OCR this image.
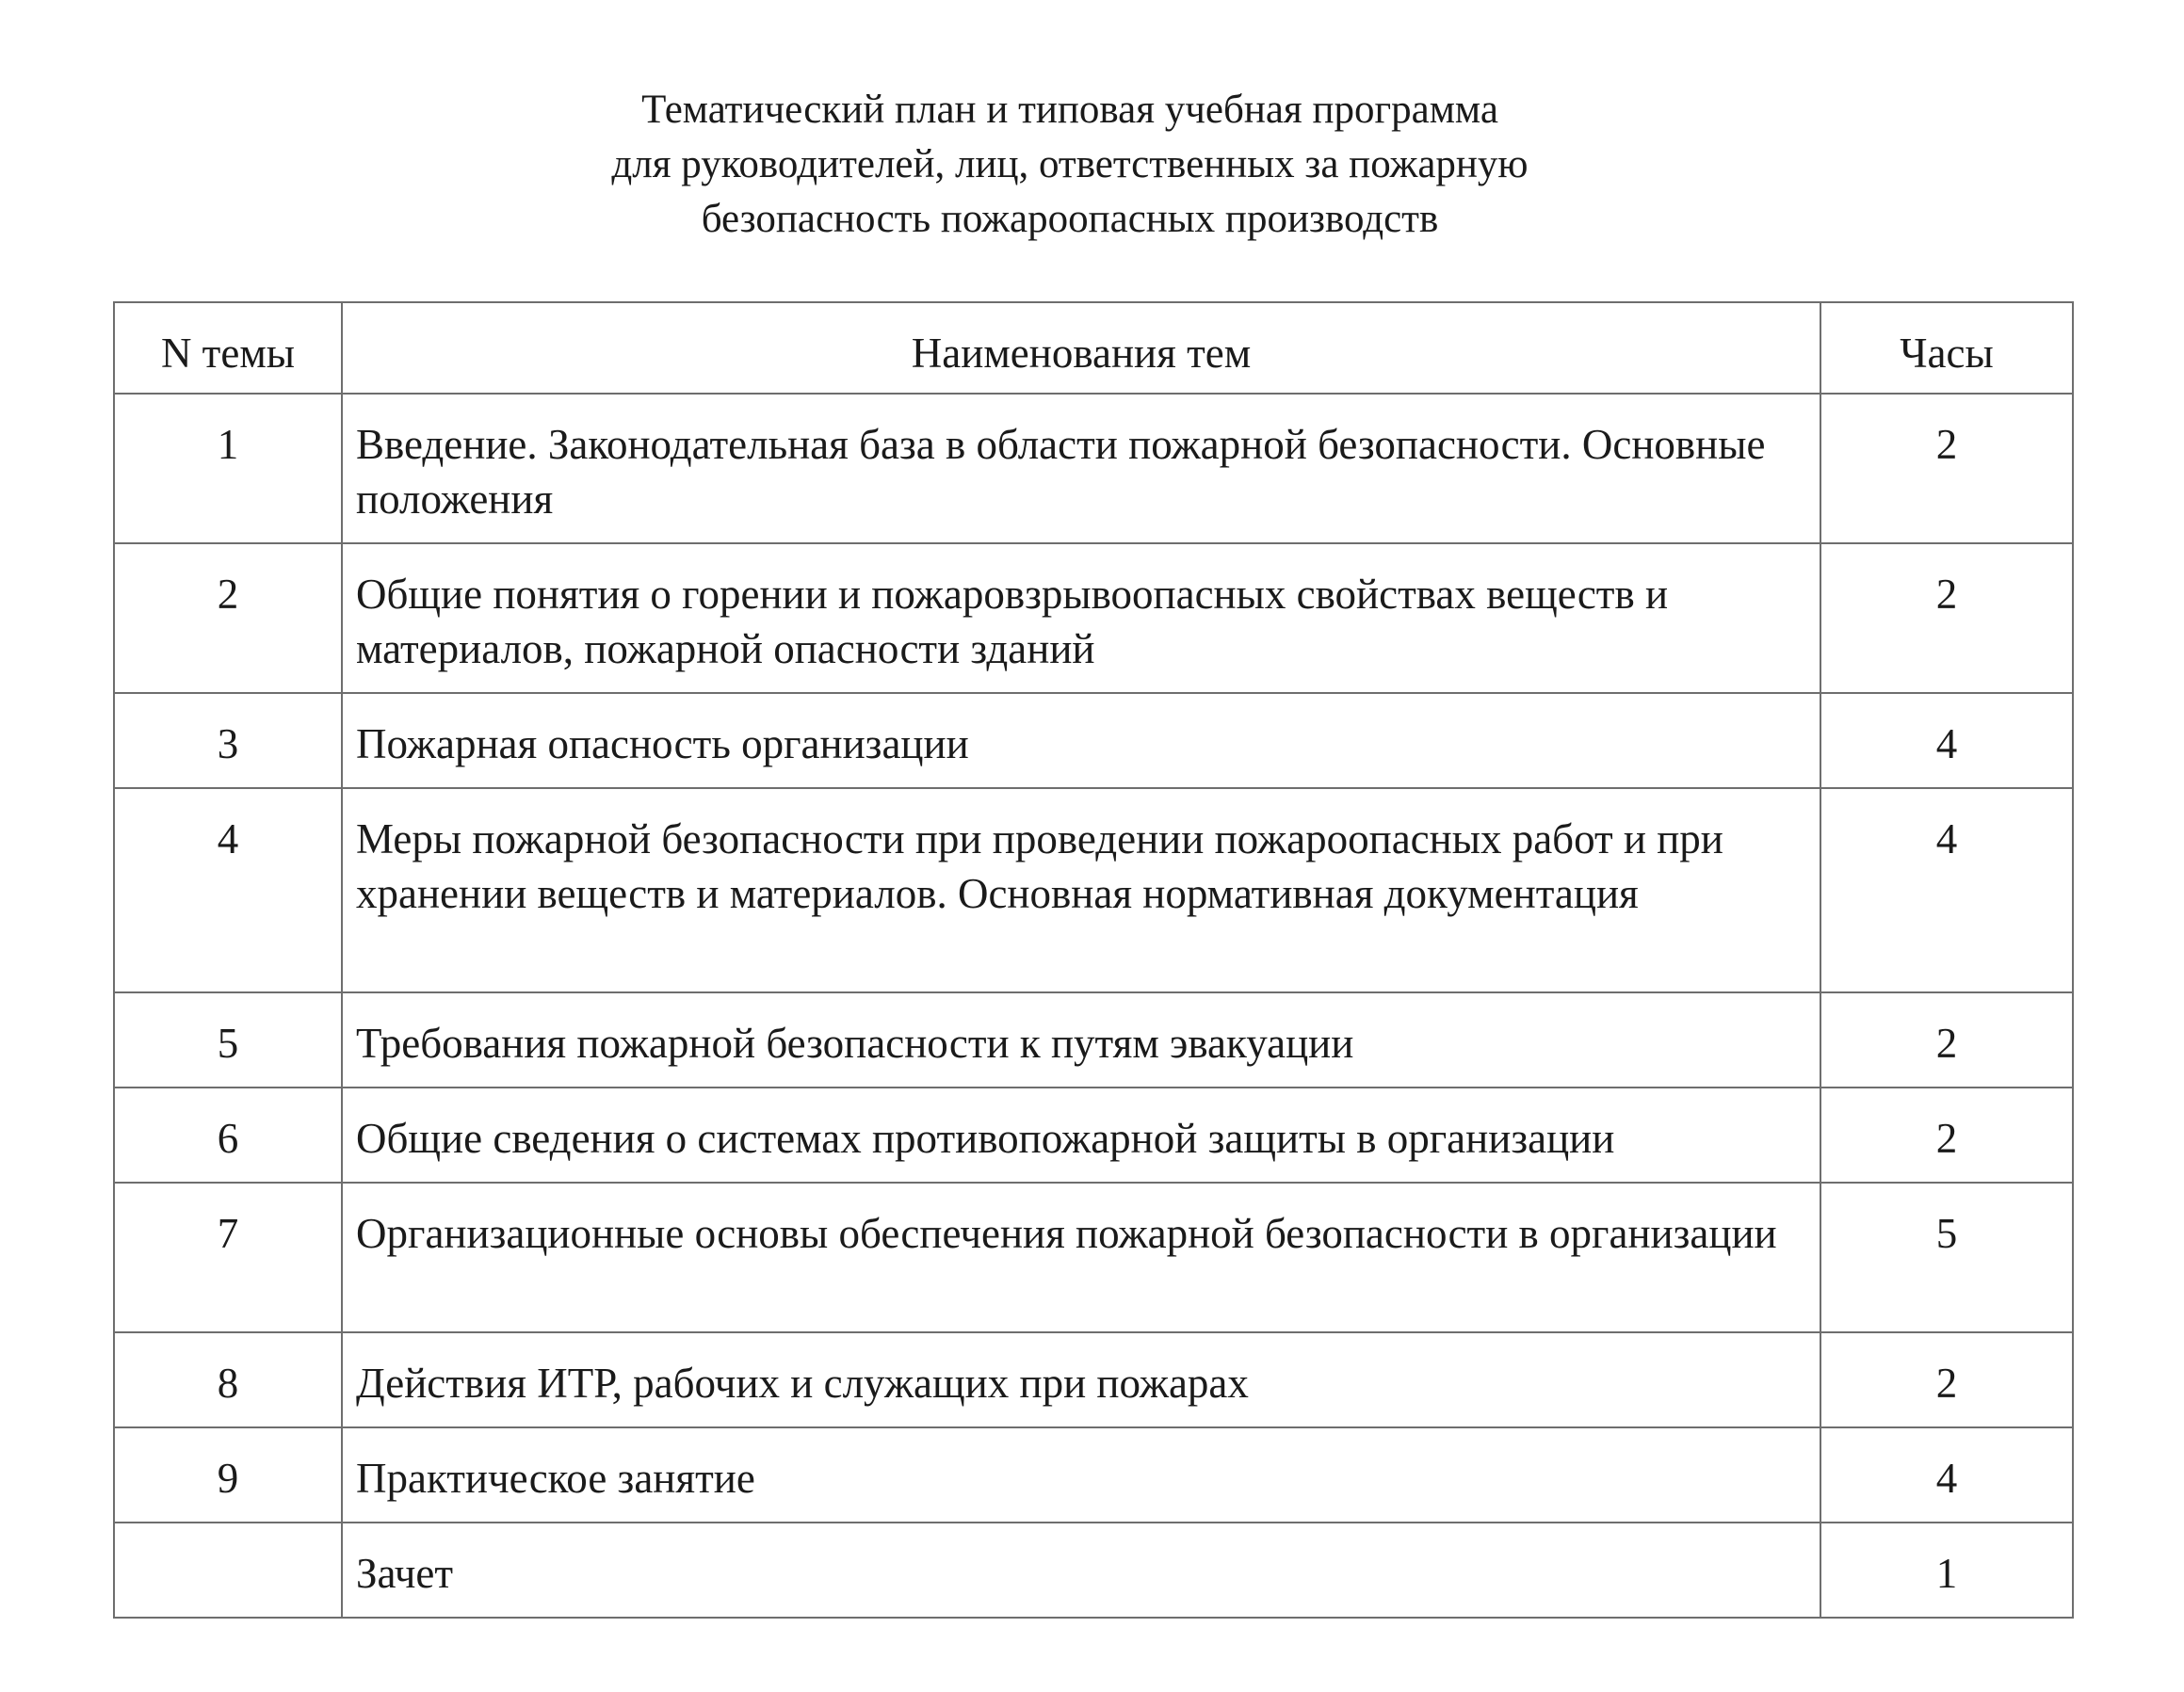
Тематический план и типовая учебная программа
для руководителей, лиц, ответственных за пожарную
безопасность пожароопасных производств
N темы	Наименования тем	Часы
1	Введение. Законодательная база в области пожарной безопасности. Основные положения	2
2	Общие понятия о горении и пожаровзрывоопасных свойствах веществ и материалов, пожарной опасности зданий	2
3	Пожарная опасность организации	4
4	Меры пожарной безопасности при проведении пожароопасных работ и при хранении веществ и материалов. Основная нормативная документация	4
5	Требования пожарной безопасности к путям эвакуации	2
6	Общие сведения о системах противопожарной защиты в организации	2
7	Организационные основы обеспечения пожарной безопасности в организации	5
8	Действия ИТР, рабочих и служащих при пожарах	2
9	Практическое занятие	4
	Зачет	1
